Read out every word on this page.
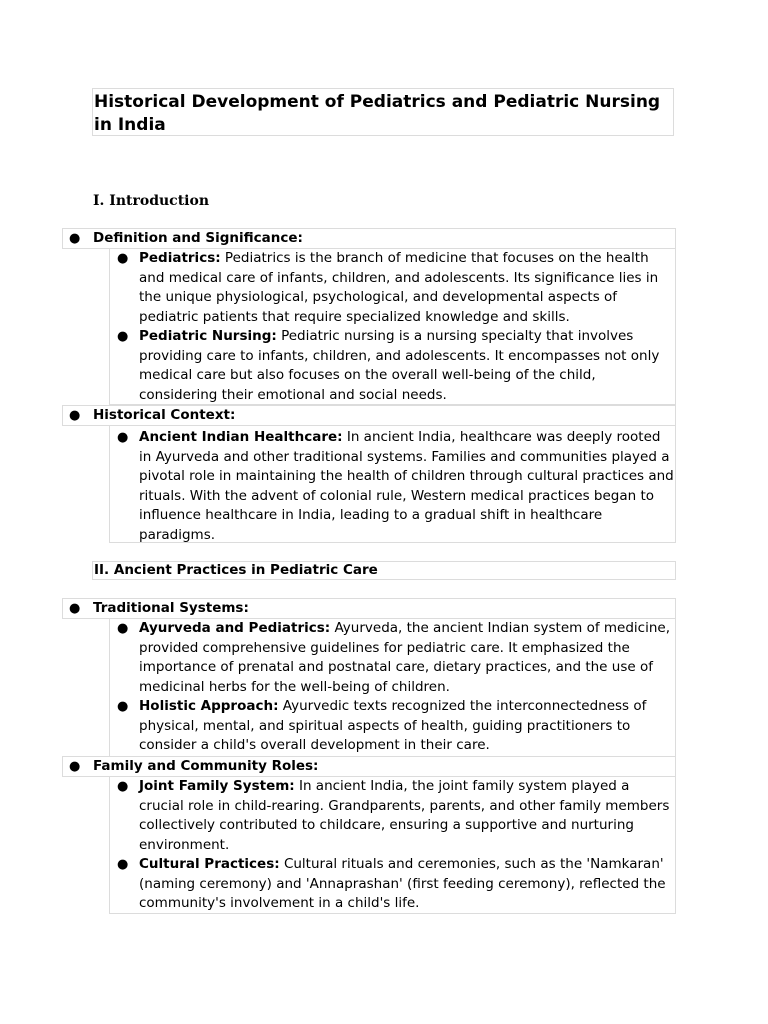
Historical Development of Pediatrics and Pediatric Nursing in India
I. Introduction
● Definition and Significance:
● Pediatrics: Pediatrics is the branch of medicine that focuses on the health and medical care of infants, children, and adolescents. Its significance lies in the unique physiological, psychological, and developmental aspects of pediatric patients that require specialized knowledge and skills.
● Pediatric Nursing: Pediatric nursing is a nursing specialty that involves providing care to infants, children, and adolescents. It encompasses not only medical care but also focuses on the overall well-being of the child, considering their emotional and social needs.
● Historical Context:
● Ancient Indian Healthcare: In ancient India, healthcare was deeply rooted in Ayurveda and other traditional systems. Families and communities played a pivotal role in maintaining the health of children through cultural practices and rituals. With the advent of colonial rule, Western medical practices began to influence healthcare in India, leading to a gradual shift in healthcare paradigms.
II. Ancient Practices in Pediatric Care
● Traditional Systems:
● Ayurveda and Pediatrics: Ayurveda, the ancient Indian system of medicine, provided comprehensive guidelines for pediatric care. It emphasized the importance of prenatal and postnatal care, dietary practices, and the use of medicinal herbs for the well-being of children.
● Holistic Approach: Ayurvedic texts recognized the interconnectedness of physical, mental, and spiritual aspects of health, guiding practitioners to consider a child's overall development in their care.
● Family and Community Roles:
● Joint Family System: In ancient India, the joint family system played a crucial role in child-rearing. Grandparents, parents, and other family members collectively contributed to childcare, ensuring a supportive and nurturing environment.
● Cultural Practices: Cultural rituals and ceremonies, such as the 'Namkaran' (naming ceremony) and 'Annaprashan' (first feeding ceremony), reflected the community's involvement in a child's life.
